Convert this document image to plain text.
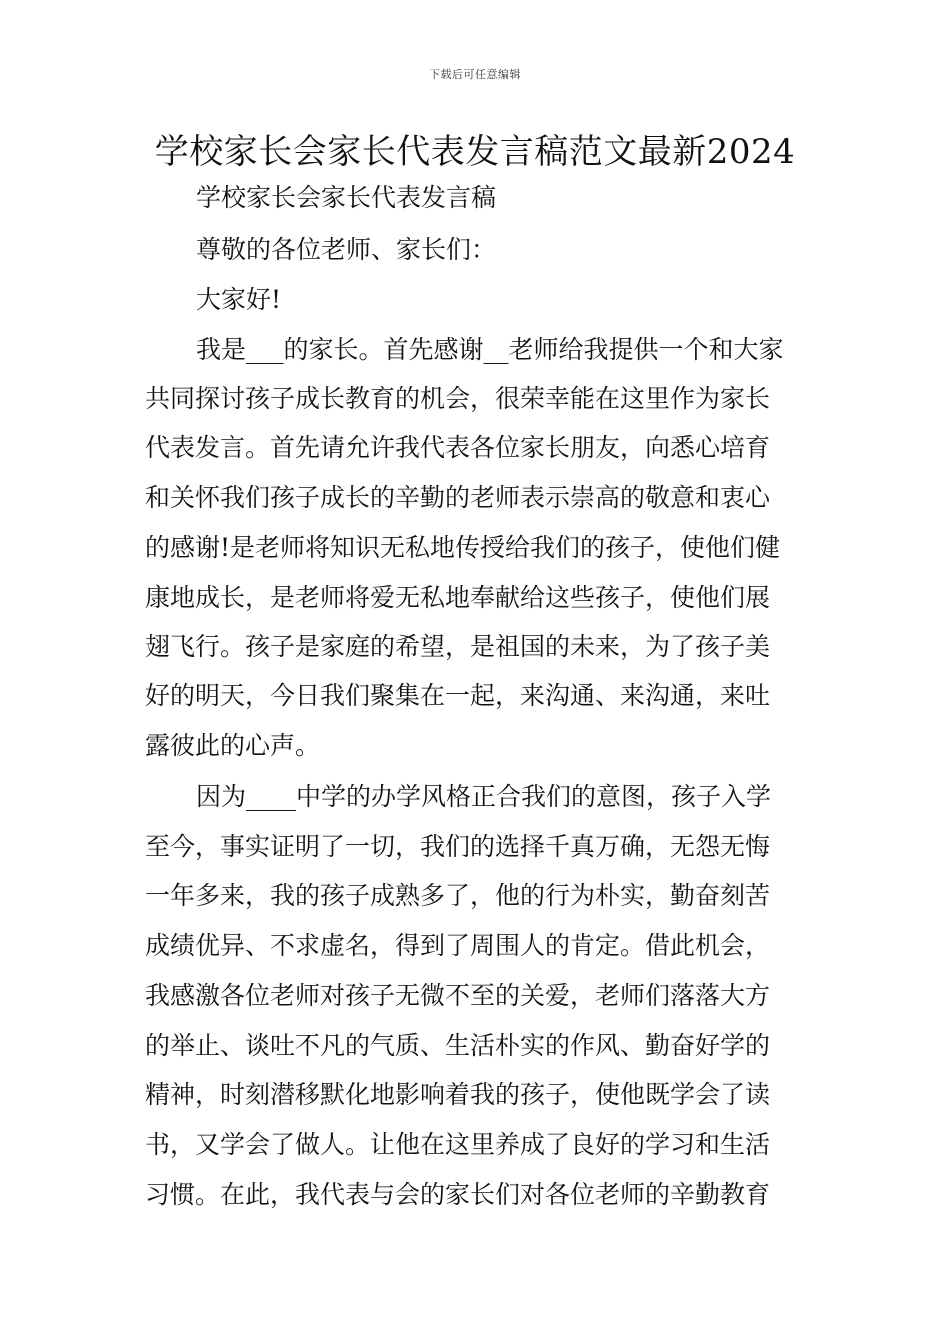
下载后可任意编辑
学校家长会家长代表发言稿范文最新2024

学校家长会家长代表发言稿

尊敬的各位老师、家长们：

大家好!

我是___的家长。首先感谢__老师给我提供一个和大家

共同探讨孩子成长教育的机会，很荣幸能在这里作为家长

代表发言。首先请允许我代表各位家长朋友，向悉心培育

和关怀我们孩子成长的辛勤的老师表示崇高的敬意和衷心

的感谢!是老师将知识无私地传授给我们的孩子，使他们健

康地成长，是老师将爱无私地奉献给这些孩子，使他们展

翅飞行。孩子是家庭的希望，是祖国的未来，为了孩子美

好的明天，今日我们聚集在一起，来沟通、来沟通，来吐

露彼此的心声。

因为____中学的办学风格正合我们的意图，孩子入学

至今，事实证明了一切，我们的选择千真万确，无怨无悔

一年多来，我的孩子成熟多了，他的行为朴实，勤奋刻苦

成绩优异、不求虚名，得到了周围人的肯定。借此机会，

我感激各位老师对孩子无微不至的关爱，老师们落落大方

的举止、谈吐不凡的气质、生活朴实的作风、勤奋好学的

精神，时刻潜移默化地影响着我的孩子，使他既学会了读

书，又学会了做人。让他在这里养成了良好的学习和生活

习惯。在此，我代表与会的家长们对各位老师的辛勤教育
